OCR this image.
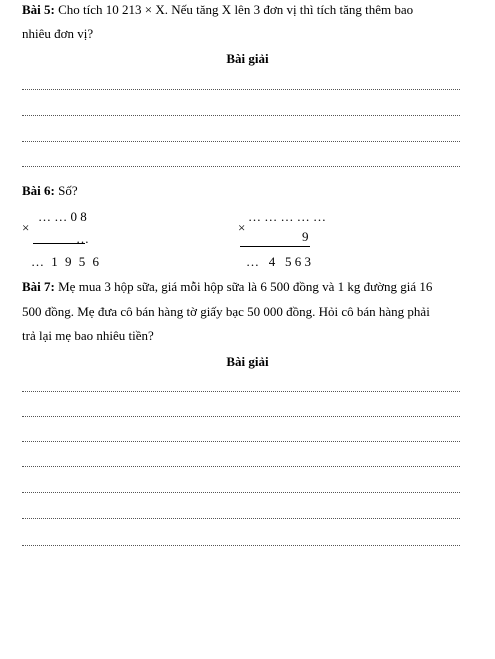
Bài 5: Cho tích 10 213 × X. Nếu tăng X lên 3 đơn vị thì tích tăng thêm bao
nhiêu đơn vị?
Bài giải
Bài 6: Số?
… … 0 8
×
…
… 1 9 5 6
… … … … …
×
9
…   4   5 6 3
Bài 7: Mẹ mua 3 hộp sữa, giá mỗi hộp sữa là 6 500 đồng và 1 kg đường giá 16
500 đồng. Mẹ đưa cô bán hàng tờ giấy bạc 50 000 đồng. Hỏi cô bán hàng phải
trả lại mẹ bao nhiêu tiền?
Bài giải
